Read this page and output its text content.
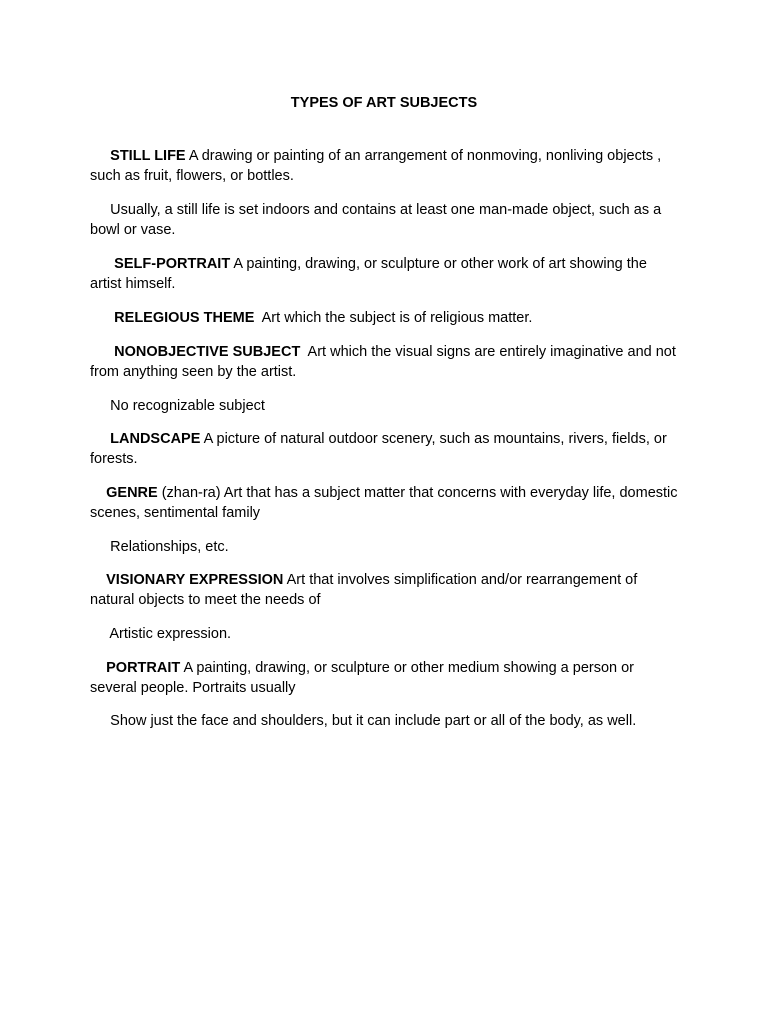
TYPES OF ART SUBJECTS

STILL LIFE A drawing or painting of an arrangement of nonmoving, nonliving objects , such as fruit, flowers, or bottles.

Usually, a still life is set indoors and contains at least one man-made object, such as a bowl or vase.

SELF-PORTRAIT A painting, drawing, or sculpture or other work of art showing the artist himself.

RELEGIOUS THEME  Art which the subject is of religious matter.

NONOBJECTIVE SUBJECT  Art which the visual signs are entirely imaginative and not from anything seen by the artist.

No recognizable subject

LANDSCAPE A picture of natural outdoor scenery, such as mountains, rivers, fields, or forests.

GENRE (zhan-ra) Art that has a subject matter that concerns with everyday life, domestic scenes, sentimental family

Relationships, etc.

VISIONARY EXPRESSION Art that involves simplification and/or rearrangement of natural objects to meet the needs of

Artistic expression.

PORTRAIT A painting, drawing, or sculpture or other medium showing a person or several people. Portraits usually

Show just the face and shoulders, but it can include part or all of the body, as well.
